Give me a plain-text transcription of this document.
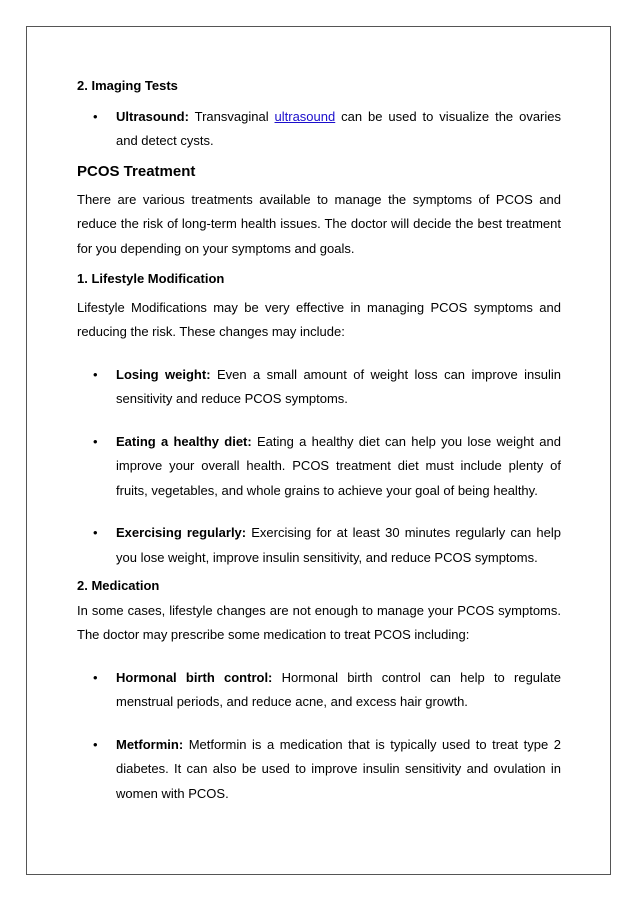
2. Imaging Tests
• Ultrasound: Transvaginal ultrasound can be used to visualize the ovaries and detect cysts.
PCOS Treatment

There are various treatments available to manage the symptoms of PCOS and reduce the risk of long-term health issues. The doctor will decide the best treatment for you depending on your symptoms and goals.

1. Lifestyle Modification

Lifestyle Modifications may be very effective in managing PCOS symptoms and reducing the risk. These changes may include:

• Losing weight: Even a small amount of weight loss can improve insulin sensitivity and reduce PCOS symptoms.
• Eating a healthy diet: Eating a healthy diet can help you lose weight and improve your overall health. PCOS treatment diet must include plenty of fruits, vegetables, and whole grains to achieve your goal of being healthy.
• Exercising regularly: Exercising for at least 30 minutes regularly can help you lose weight, improve insulin sensitivity, and reduce PCOS symptoms.
2. Medication

In some cases, lifestyle changes are not enough to manage your PCOS symptoms. The doctor may prescribe some medication to treat PCOS including:

• Hormonal birth control: Hormonal birth control can help to regulate menstrual periods, and reduce acne, and excess hair growth.
• Metformin: Metformin is a medication that is typically used to treat type 2 diabetes. It can also be used to improve insulin sensitivity and ovulation in women with PCOS.
